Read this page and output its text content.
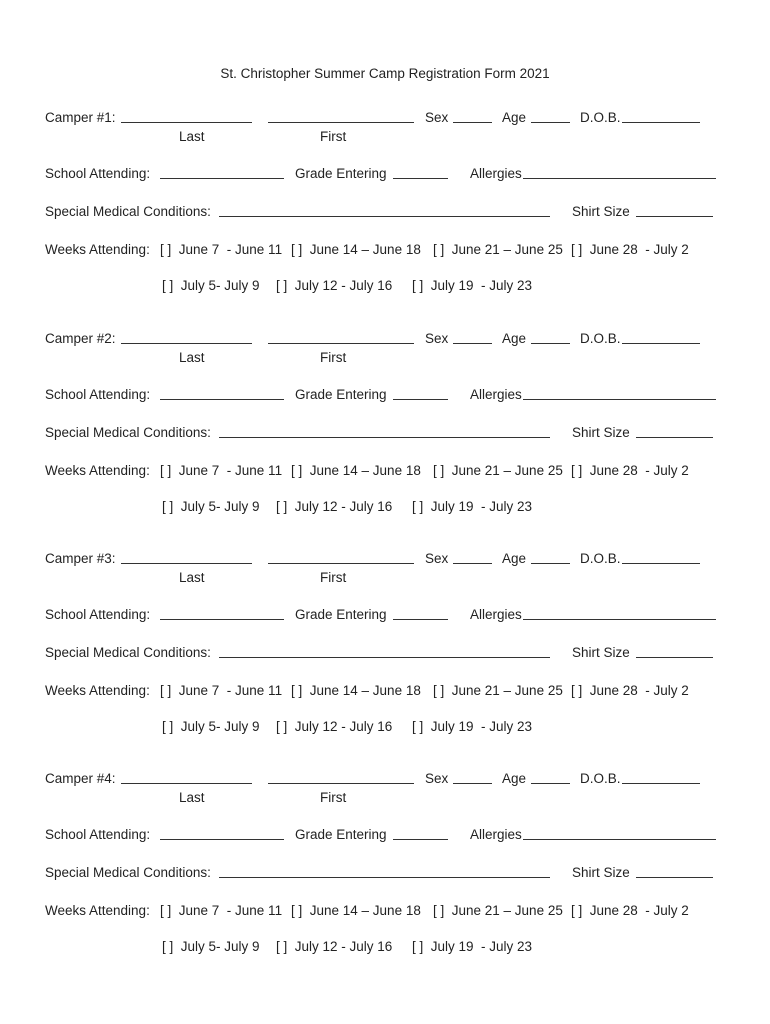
St. Christopher Summer Camp Registration Form 2021
Camper #1:	Sex	Age	D.O.B.
Last	First
School Attending:	Grade Entering	Allergies
Special Medical Conditions:	Shirt Size
Weeks Attending: [ ]  June 7  - June 11 [ ]  June 14 – June 18 [ ]  June 21 – June 25 [ ]  June 28  - July 2
[ ]  July 5- July 9 [ ]  July 12 - July 16 [ ]  July 19  - July 23
Camper #2:	Sex	Age	D.O.B.
Last	First
School Attending:	Grade Entering	Allergies
Special Medical Conditions:	Shirt Size
Weeks Attending: [ ]  June 7  - June 11 [ ]  June 14 – June 18 [ ]  June 21 – June 25 [ ]  June 28  - July 2
[ ]  July 5- July 9 [ ]  July 12 - July 16 [ ]  July 19  - July 23
Camper #3:	Sex	Age	D.O.B.
Last	First
School Attending:	Grade Entering	Allergies
Special Medical Conditions:	Shirt Size
Weeks Attending: [ ]  June 7  - June 11 [ ]  June 14 – June 18 [ ]  June 21 – June 25 [ ]  June 28  - July 2
[ ]  July 5- July 9 [ ]  July 12 - July 16 [ ]  July 19  - July 23
Camper #4:	Sex	Age	D.O.B.
Last	First
School Attending:	Grade Entering	Allergies
Special Medical Conditions:	Shirt Size
Weeks Attending: [ ]  June 7  - June 11 [ ]  June 14 – June 18 [ ]  June 21 – June 25 [ ]  June 28  - July 2
[ ]  July 5- July 9 [ ]  July 12 - July 16 [ ]  July 19  - July 23
